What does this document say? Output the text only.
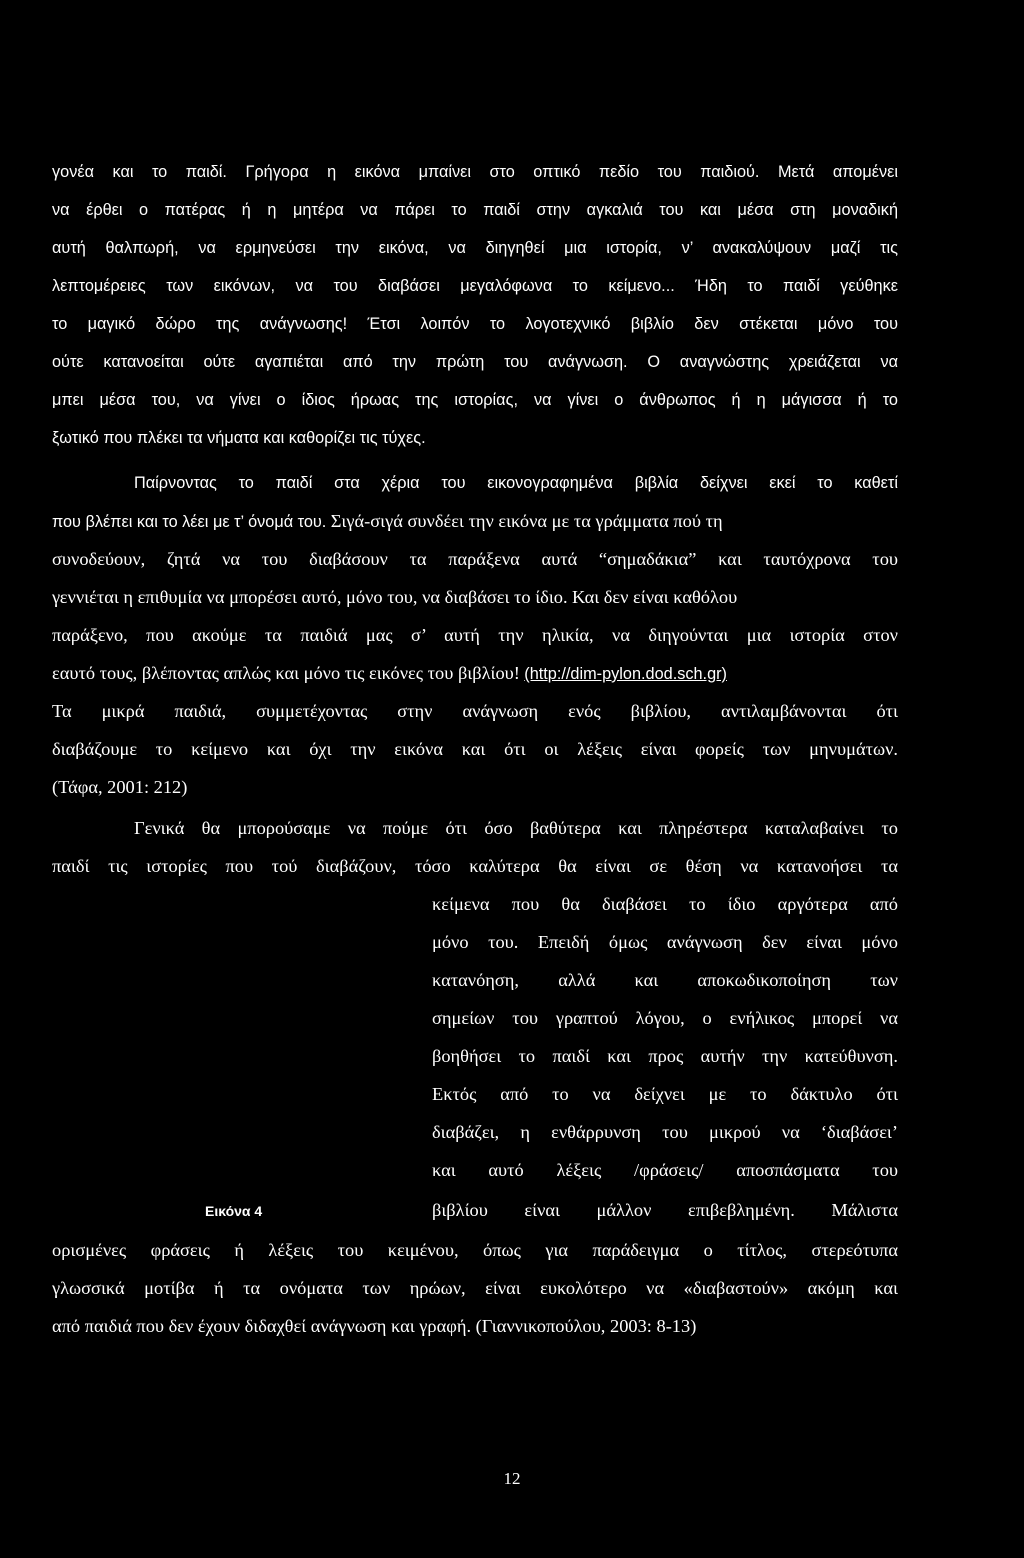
γονέα και το παιδί. Γρήγορα η εικόνα μπαίνει στο οπτικό πεδίο του παιδιού. Μετά απομένει
να έρθει ο πατέρας ή η μητέρα να πάρει το παιδί στην αγκαλιά του και μέσα στη μοναδική
αυτή θαλπωρή, να ερμηνεύσει την εικόνα, να διηγηθεί μια ιστορία, ν’ ανακαλύψουν μαζί τις
λεπτομέρειες των εικόνων, να του διαβάσει μεγαλόφωνα το κείμενο... Ήδη το παιδί γεύθηκε
το μαγικό δώρο της ανάγνωσης! Έτσι λοιπόν το λογοτεχνικό βιβλίο δεν στέκεται μόνο του
ούτε κατανοείται ούτε αγαπιέται από την πρώτη του ανάγνωση. Ο αναγνώστης χρειάζεται να
μπει μέσα του, να γίνει ο ίδιος ήρωας της ιστορίας, να γίνει ο άνθρωπος ή η μάγισσα ή το
ξωτικό που πλέκει τα νήματα και καθορίζει τις τύχες.
Παίρνοντας το παιδί στα χέρια του εικονογραφημένα βιβλία δείχνει εκεί το καθετί
που βλέπει και το λέει με τ’ όνομά του. Σιγά-σιγά συνδέει την εικόνα με τα γράμματα πού τη
συνοδεύουν, ζητά να του διαβάσουν τα παράξενα αυτά “σημαδάκια” και ταυτόχρονα του
γεννιέται η επιθυμία να μπορέσει αυτό, μόνο του, να διαβάσει το ίδιο. Και δεν είναι καθόλου
παράξενο, που ακούμε τα παιδιά μας σ’ αυτή την ηλικία, να διηγούνται μια ιστορία στον
εαυτό τους, βλέποντας απλώς και μόνο τις εικόνες του βιβλίου! (http://dim-pylon.dod.sch.gr)
Τα μικρά παιδιά, συμμετέχοντας στην ανάγνωση ενός βιβλίου, αντιλαμβάνονται ότι
διαβάζουμε το κείμενο και όχι την εικόνα και ότι οι λέξεις είναι φορείς των μηνυμάτων.
(Τάφα, 2001: 212)
Γενικά θα μπορούσαμε να πούμε ότι όσο βαθύτερα και πληρέστερα καταλαβαίνει το
παιδί τις ιστορίες που τού διαβάζουν, τόσο καλύτερα θα είναι σε θέση να κατανοήσει τα
κείμενα που θα διαβάσει το ίδιο αργότερα από
μόνο του. Επειδή όμως ανάγνωση δεν είναι μόνο
κατανόηση, αλλά και αποκωδικοποίηση των
σημείων του γραπτού λόγου, ο ενήλικος μπορεί να
βοηθήσει το παιδί και προς αυτήν την κατεύθυνση.
Εκτός από το να δείχνει με το δάκτυλο ότι
διαβάζει, η ενθάρρυνση του μικρού να ‘διαβάσει’
και αυτό λέξεις /φράσεις/ αποσπάσματα του
βιβλίου είναι μάλλον επιβεβλημένη. Μάλιστα
ορισμένες φράσεις ή λέξεις του κειμένου, όπως για παράδειγμα ο τίτλος, στερεότυπα
γλωσσικά μοτίβα ή τα ονόματα των ηρώων, είναι ευκολότερο να «διαβαστούν» ακόμη και
από παιδιά που δεν έχουν διδαχθεί ανάγνωση και γραφή. (Γιαννικοπούλου, 2003: 8-13)
Εικόνα 4
12
